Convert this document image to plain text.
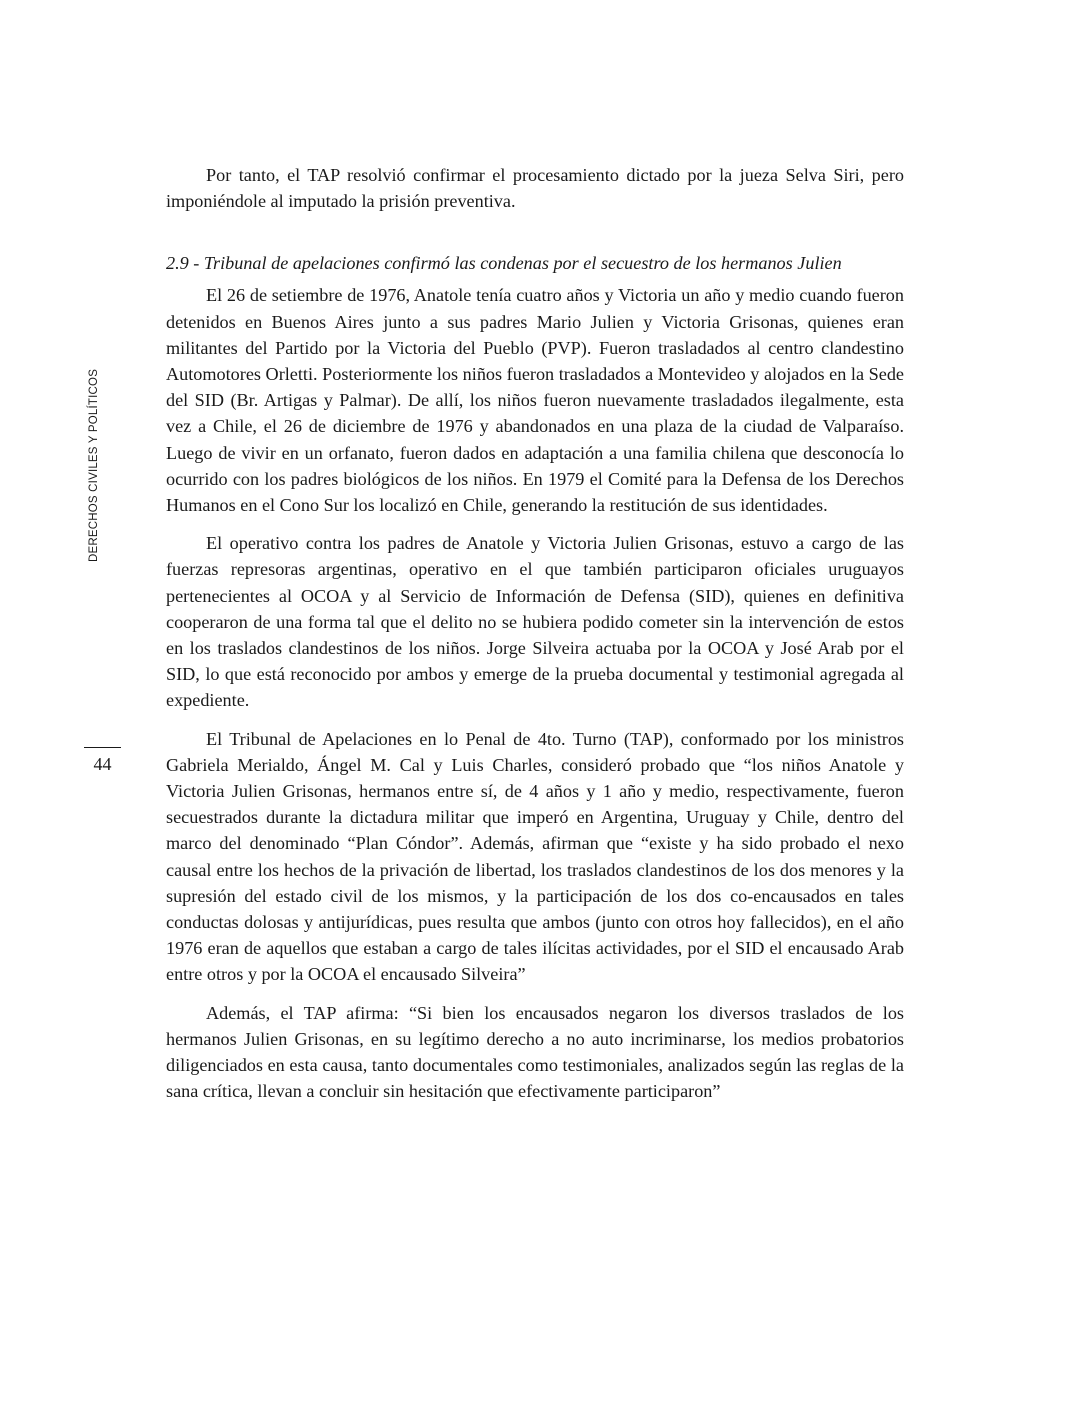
DERECHOS CIVILES Y POLÍTICOS
44

Por tanto, el TAP resolvió confirmar el procesamiento dictado por la jueza Selva Siri, pero imponiéndole al imputado la prisión preventiva.

2.9 - Tribunal de apelaciones confirmó las condenas por el secuestro de los hermanos Julien

El 26 de setiembre de 1976, Anatole tenía cuatro años y Victoria un año y medio cuando fueron detenidos en Buenos Aires junto a sus padres Mario Julien y Victoria Grisonas, quienes eran militantes del Partido por la Victoria del Pueblo (PVP). Fueron trasladados al centro clandestino Automotores Orletti. Posteriormente los niños fueron trasladados a Montevideo y alojados en la Sede del SID (Br. Artigas y Palmar). De allí, los niños fueron nuevamente trasladados ilegalmente, esta vez a Chile, el 26 de diciembre de 1976 y abandonados en una plaza de la ciudad de Valparaíso. Luego de vivir en un orfanato, fueron dados en adaptación a una familia chilena que desconocía lo ocurrido con los padres biológicos de los niños. En 1979 el Comité para la Defensa de los Derechos Humanos en el Cono Sur los localizó en Chile, generando la restitución de sus identidades.

El operativo contra los padres de Anatole y Victoria Julien Grisonas, estuvo a cargo de las fuerzas represoras argentinas, operativo en el que también participaron oficiales uruguayos pertenecientes al OCOA y al Servicio de Información de Defensa (SID), quienes en definitiva cooperaron de una forma tal que el delito no se hubiera podido cometer sin la intervención de estos en los traslados clandestinos de los niños. Jorge Silveira actuaba por la OCOA y José Arab por el SID, lo que está reconocido por ambos y emerge de la prueba documental y testimonial agregada al expediente.

El Tribunal de Apelaciones en lo Penal de 4to. Turno (TAP), conformado por los ministros Gabriela Merialdo, Ángel M. Cal y Luis Charles, consideró probado que “los niños Anatole y Victoria Julien Grisonas, hermanos entre sí, de 4 años y 1 año y medio, respectivamente, fueron secuestrados durante la dictadura militar que imperó en Argentina, Uruguay y Chile, dentro del marco del denominado “Plan Cóndor”. Además, afirman que “existe y ha sido probado el nexo causal entre los hechos de la privación de libertad, los traslados clandestinos de los dos menores y la supresión del estado civil de los mismos, y la participación de los dos co-encausados en tales conductas dolosas y antijurídicas, pues resulta que ambos (junto con otros hoy fallecidos), en el año 1976 eran de aquellos que estaban a cargo de tales ilícitas actividades, por el SID el encausado Arab entre otros y por la OCOA el encausado Silveira”

Además, el TAP afirma: “Si bien los encausados negaron los diversos traslados de los hermanos Julien Grisonas, en su legítimo derecho a no auto incriminarse, los medios probatorios diligenciados en esta causa, tanto documentales como testimoniales, analizados según las reglas de la sana crítica, llevan a concluir sin hesitación que efectivamente participaron”
